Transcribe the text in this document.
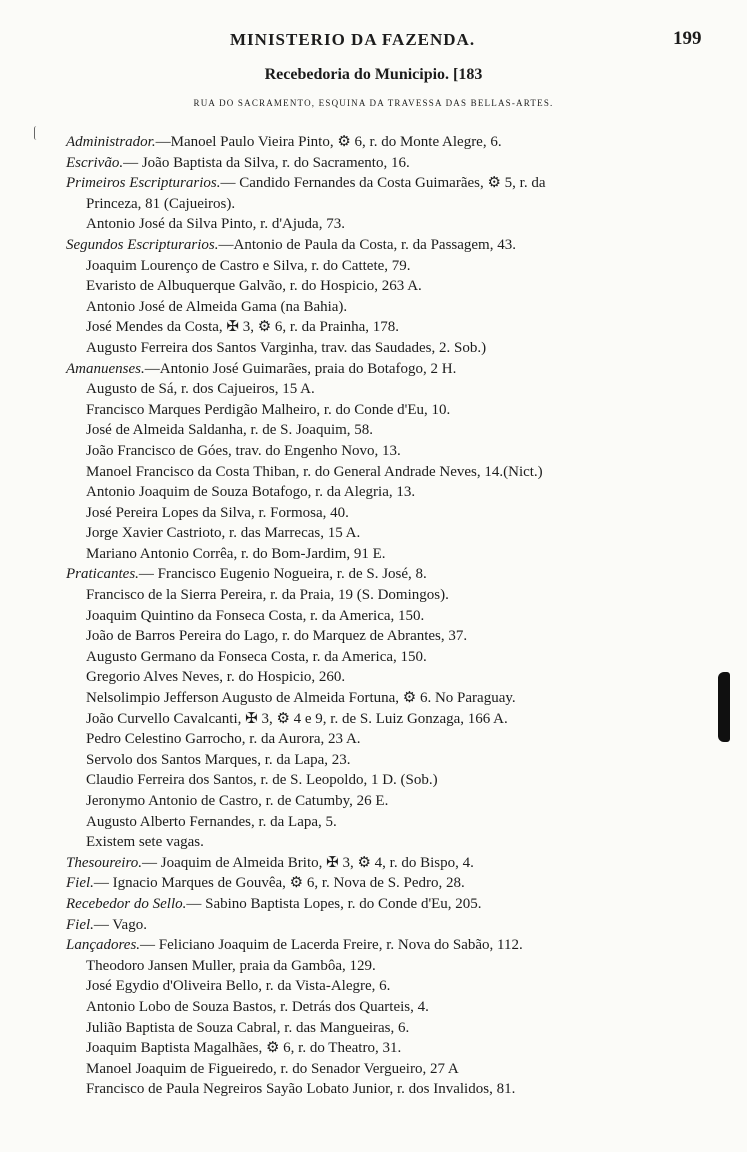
MINISTERIO DA FAZENDA.	199
Recebedoria do Municipio. [183
RUA DO SACRAMENTO, ESQUINA DA TRAVESSA DAS BELLAS-ARTES.
Administrador.—Manoel Paulo Vieira Pinto, ⚙ 6, r. do Monte Alegre, 6.
Escrivão.— João Baptista da Silva, r. do Sacramento, 16.
Primeiros Escripturarios.— Candido Fernandes da Costa Guimarães, ⚙ 5, r. da
Princeza, 81 (Cajueiros).
Antonio José da Silva Pinto, r. d'Ajuda, 73.
Segundos Escripturarios.—Antonio de Paula da Costa, r. da Passagem, 43.
Joaquim Lourenço de Castro e Silva, r. do Cattete, 79.
Evaristo de Albuquerque Galvão, r. do Hospicio, 263 A.
Antonio José de Almeida Gama (na Bahia).
José Mendes da Costa, ✠ 3, ⚙ 6, r. da Prainha, 178.
Augusto Ferreira dos Santos Varginha, trav. das Saudades, 2. Sob.)
Amanuenses.—Antonio José Guimarães, praia do Botafogo, 2 H.
Augusto de Sá, r. dos Cajueiros, 15 A.
Francisco Marques Perdigão Malheiro, r. do Conde d'Eu, 10.
José de Almeida Saldanha, r. de S. Joaquim, 58.
João Francisco de Góes, trav. do Engenho Novo, 13.
Manoel Francisco da Costa Thiban, r. do General Andrade Neves, 14.(Nict.)
Antonio Joaquim de Souza Botafogo, r. da Alegria, 13.
José Pereira Lopes da Silva, r. Formosa, 40.
Jorge Xavier Castrioto, r. das Marrecas, 15 A.
Mariano Antonio Corrêa, r. do Bom-Jardim, 91 E.
Praticantes.— Francisco Eugenio Nogueira, r. de S. José, 8.
Francisco de la Sierra Pereira, r. da Praia, 19 (S. Domingos).
Joaquim Quintino da Fonseca Costa, r. da America, 150.
João de Barros Pereira do Lago, r. do Marquez de Abrantes, 37.
Augusto Germano da Fonseca Costa, r. da America, 150.
Gregorio Alves Neves, r. do Hospicio, 260.
Nelsolimpio Jefferson Augusto de Almeida Fortuna, ⚙ 6. No Paraguay.
João Curvello Cavalcanti, ✠ 3, ⚙ 4 e 9, r. de S. Luiz Gonzaga, 166 A.
Pedro Celestino Garrocho, r. da Aurora, 23 A.
Servolo dos Santos Marques, r. da Lapa, 23.
Claudio Ferreira dos Santos, r. de S. Leopoldo, 1 D. (Sob.)
Jeronymo Antonio de Castro, r. de Catumby, 26 E.
Augusto Alberto Fernandes, r. da Lapa, 5.
Existem sete vagas.
Thesoureiro.— Joaquim de Almeida Brito, ✠ 3, ⚙ 4, r. do Bispo, 4.
Fiel.— Ignacio Marques de Gouvêa, ⚙ 6, r. Nova de S. Pedro, 28.
Recebedor do Sello.— Sabino Baptista Lopes, r. do Conde d'Eu, 205.
Fiel.— Vago.
Lançadores.— Feliciano Joaquim de Lacerda Freire, r. Nova do Sabão, 112.
Theodoro Jansen Muller, praia da Gambôa, 129.
José Egydio d'Oliveira Bello, r. da Vista-Alegre, 6.
Antonio Lobo de Souza Bastos, r. Detrás dos Quarteis, 4.
Julião Baptista de Souza Cabral, r. das Mangueiras, 6.
Joaquim Baptista Magalhães, ⚙ 6, r. do Theatro, 31.
Manoel Joaquim de Figueiredo, r. do Senador Vergueiro, 27 A
Francisco de Paula Negreiros Sayão Lobato Junior, r. dos Invalidos, 81.
